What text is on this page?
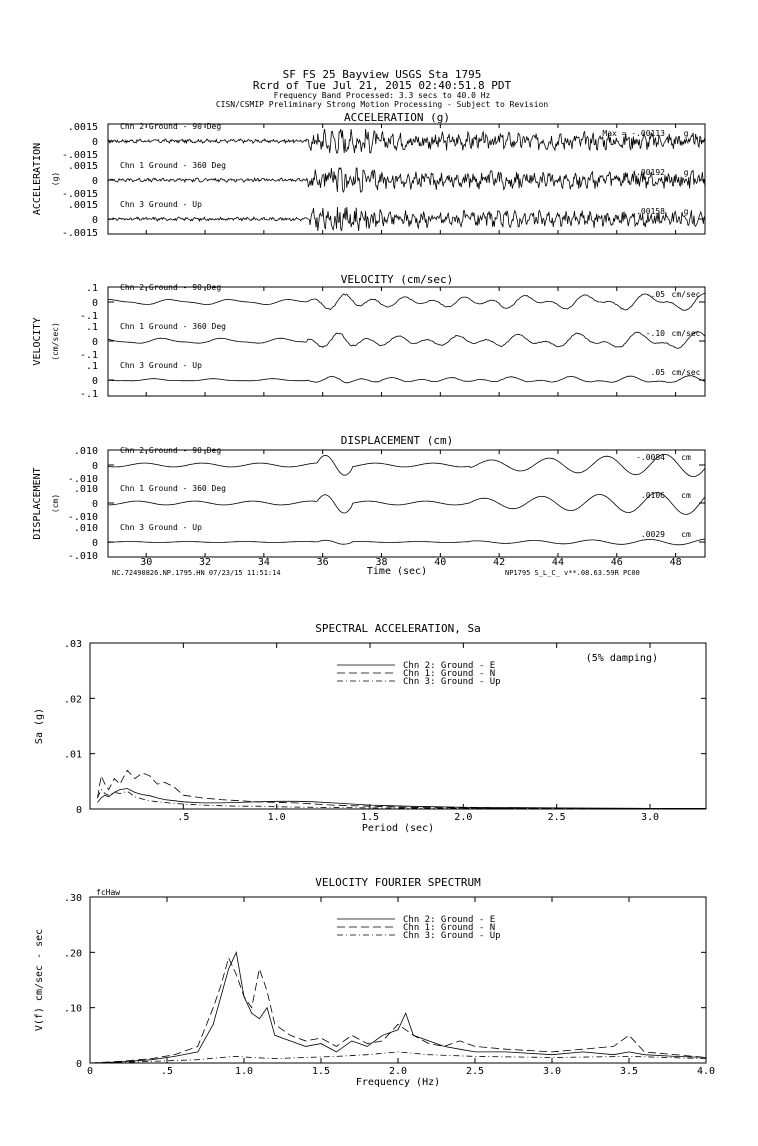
SF FS 25 Bayview USGS Sta 1795
Rcrd of Tue Jul 21, 2015 02:40:51.8 PDT
Frequency Band Processed: 3.3 secs to 40.0 Hz
CISN/CSMIP Preliminary Strong Motion Processing - Subject to Revision
ACCELERATION (g)
ACCELERATION (g)
.0015
0
-.0015
Chn 2 Ground - 90 Deg
Max = -.00113 g
.0015
0
-.0015
Chn 1 Ground - 360 Deg
.00192 g
.0015
0
-.0015
Chn 3 Ground - Up
.00158 g
VELOCITY (cm/sec)
VELOCITY (cm/sec)
.1
0
-.1
Chn 2 Ground - 90 Deg
-.05 cm/sec
.1
0
-.1
Chn 1 Ground - 360 Deg
-.10 cm/sec
.1
0
-.1
Chn 3 Ground - Up
.05 cm/sec
DISPLACEMENT (cm)
DISPLACEMENT (cm)
.010
0
-.010
Chn 2 Ground - 90 Deg
-.0084 cm
.010
0
-.010
Chn 1 Ground - 360 Deg
.0106 cm
.010
0
-.010
Chn 3 Ground - Up
.0029 cm
Time (sec)
NC.72490826.NP.1795.HN 07/23/15 11:51:14	NP1795 S_L_C_ v**.08.63.59R PC00
30	32	34	36	38	40	42	44	46	48
SPECTRAL ACCELERATION, Sa
Period (sec)
Sa (g)
.5	1.0	1.5	2.0	2.5	3.0
0
.01
.02
.03
Chn 2: Ground - E
Chn 1: Ground - N
Chn 3: Ground - Up
(5% damping)
VELOCITY FOURIER SPECTRUM
Frequency (Hz)
V(f) cm/sec - sec
0	.5	1.0	1.5	2.0	2.5	3.0	3.5	4.0
0
.10
.20
.30
Chn 2: Ground - E
Chn 1: Ground - N
Chn 3: Ground - Up
fcHaw
